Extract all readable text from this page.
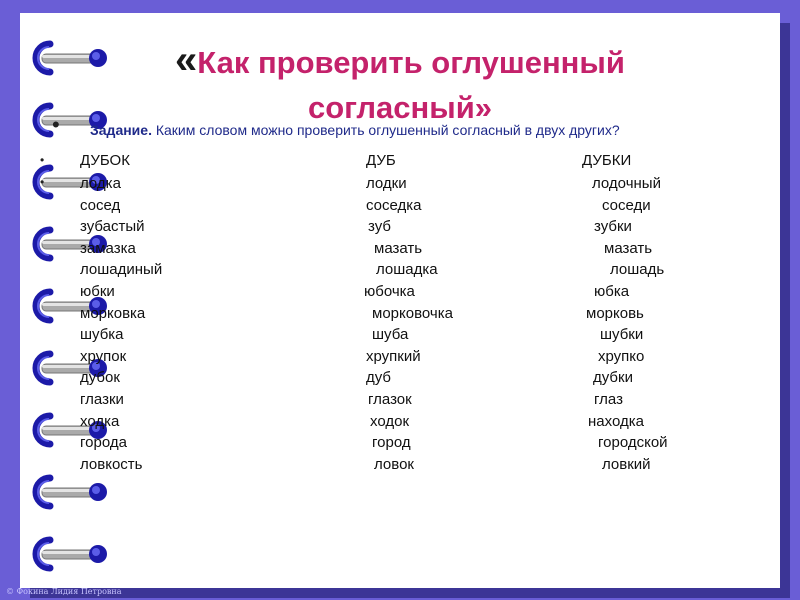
«Как проверить оглушенный
согласный»
• Задание. Каким словом можно проверить оглушенный согласный в двух других?
•
•
ДУБОК	ДУБ	ДУБКИ
лодка	лодки	лодочный
сосед	соседка	соседи
зубастый	зуб	зубки
замазка	мазать	мазать
лошадиный	лошадка	лошадь
юбки	юбочка	юбка
морковка	морковочка	морковь
шубка	шуба	шубки
хрупок	хрупкий	хрупко
дубок	дуб	дубки
глазки	глазок	глаз
ходка	ходок	находка
города	город	городской
ловкость	ловок	ловкий
© Фокина Лидия Петровна
